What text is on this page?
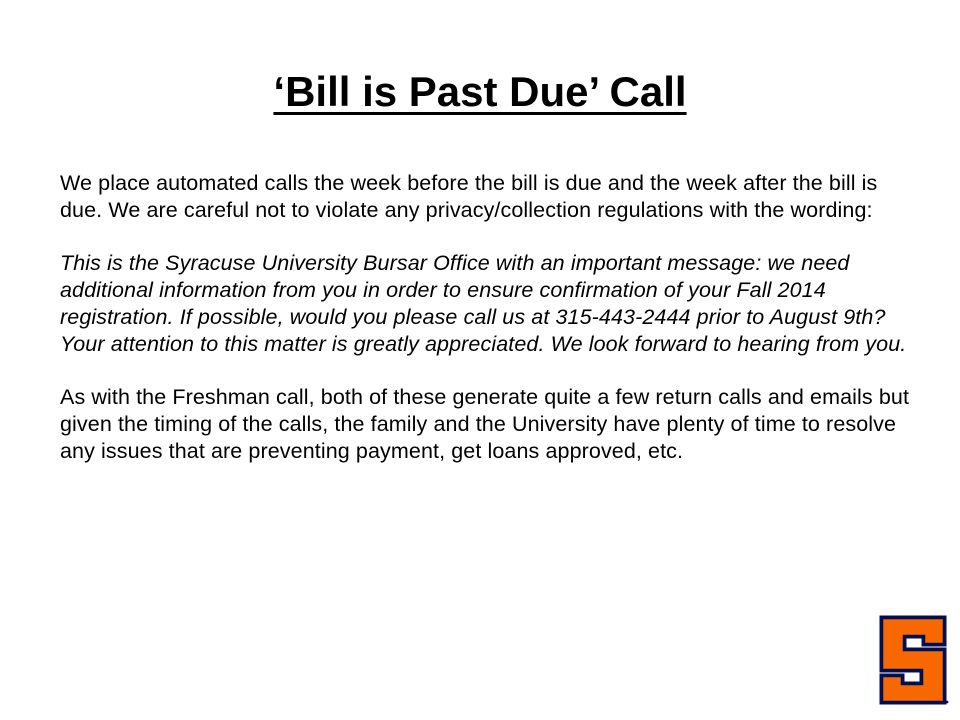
‘Bill is Past Due’ Call

We place automated calls the week before the bill is due and the week after the bill is due. We are careful not to violate any privacy/collection regulations with the wording:

This is the Syracuse University Bursar Office with an important message: we need additional information from you in order to ensure confirmation of your Fall 2014 registration. If possible, would you please call us at 315-443-2444 prior to August 9th? Your attention to this matter is greatly appreciated. We look forward to hearing from you.

As with the Freshman call, both of these generate quite a few return calls and emails but given the timing of the calls, the family and the University have plenty of time to resolve any issues that are preventing payment, get loans approved, etc.
